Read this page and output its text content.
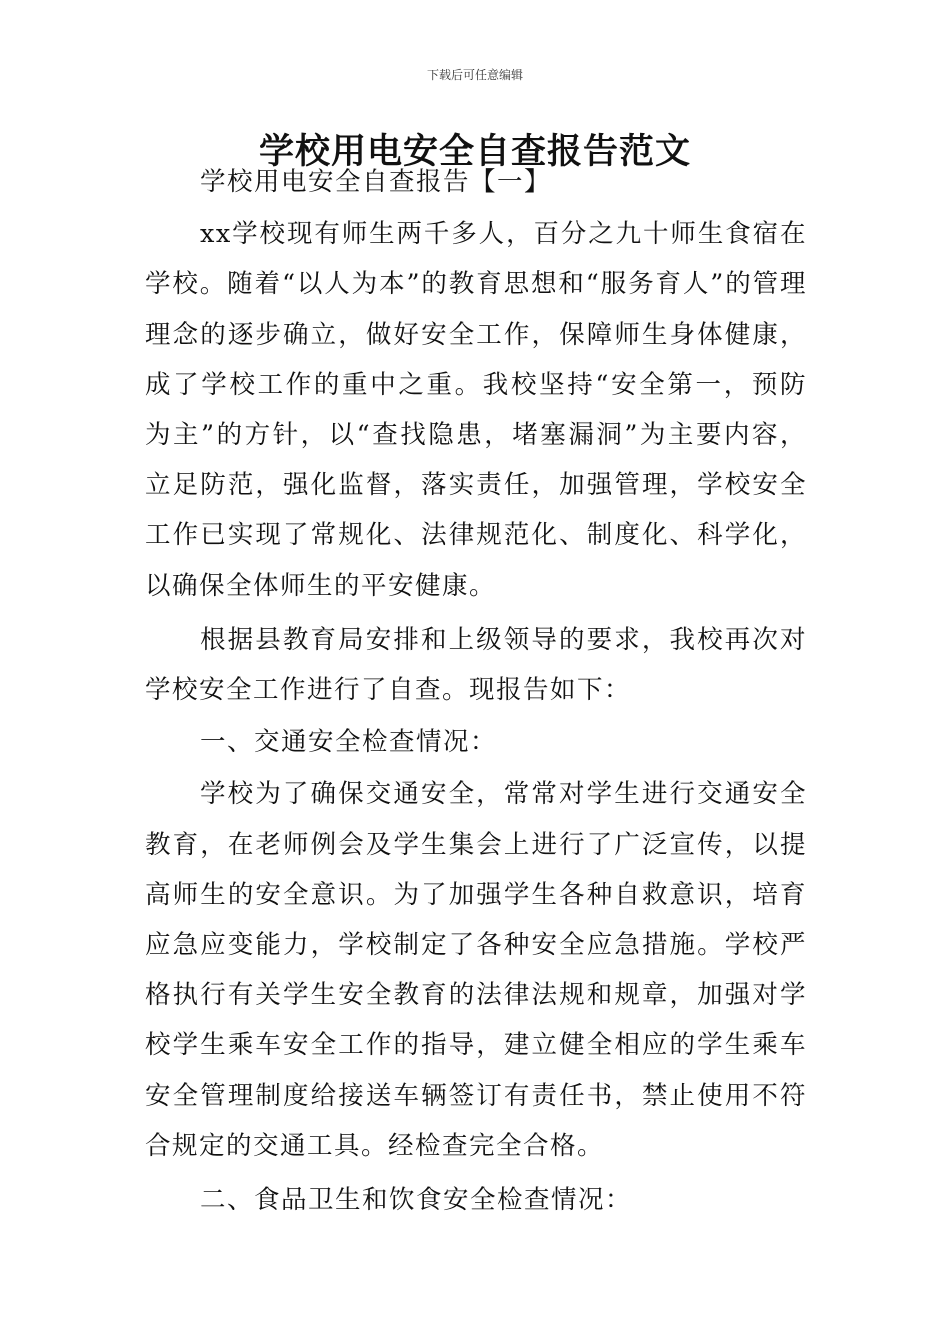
下载后可任意编辑
学校用电安全自查报告范文

学校用电安全自查报告【一】

xx学校现有师生两千多人，百分之九十师生食宿在学校。随着“以人为本”的教育思想和“服务育人”的管理理念的逐步确立，做好安全工作，保障师生身体健康，成了学校工作的重中之重。我校坚持“安全第一，预防为主”的方针，以“查找隐患，堵塞漏洞”为主要内容，立足防范，强化监督，落实责任，加强管理，学校安全工作已实现了常规化、法律规范化、制度化、科学化，以确保全体师生的平安健康。

根据县教育局安排和上级领导的要求，我校再次对学校安全工作进行了自查。现报告如下：

一、交通安全检查情况：

学校为了确保交通安全，常常对学生进行交通安全教育，在老师例会及学生集会上进行了广泛宣传，以提高师生的安全意识。为了加强学生各种自救意识，培育应急应变能力，学校制定了各种安全应急措施。学校严格执行有关学生安全教育的法律法规和规章，加强对学校学生乘车安全工作的指导，建立健全相应的学生乘车安全管理制度给接送车辆签订有责任书，禁止使用不符合规定的交通工具。经检查完全合格。

二、食品卫生和饮食安全检查情况：
